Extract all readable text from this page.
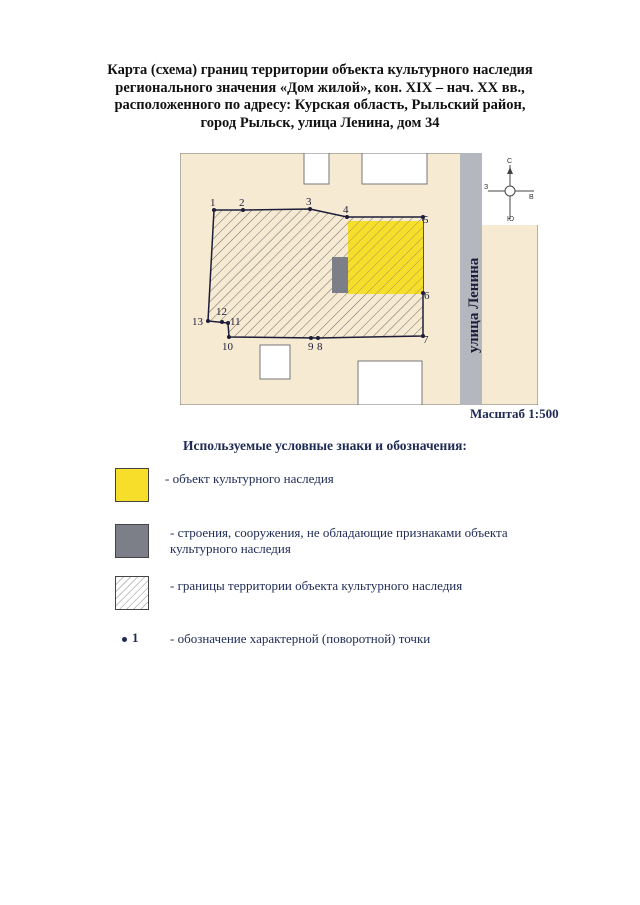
Карта (схема) границ территории объекта культурного наследия
регионального значения «Дом жилой», кон. XIX – нач. XX вв.,
расположенного по адресу: Курская область, Рыльский район,
город Рыльск, улица Ленина, дом 34
С
Ю
З
В
1 2	3
4
5
6
7
8
9
10
11
12
13	улица Ленина
Масштаб 1:500
Используемые условные знаки и обозначения:
- объект культурного наследия
- строения, сооружения, не обладающие признаками объекта
культурного наследия
- границы территории объекта культурного наследия
1 - обозначение характерной (поворотной) точки
